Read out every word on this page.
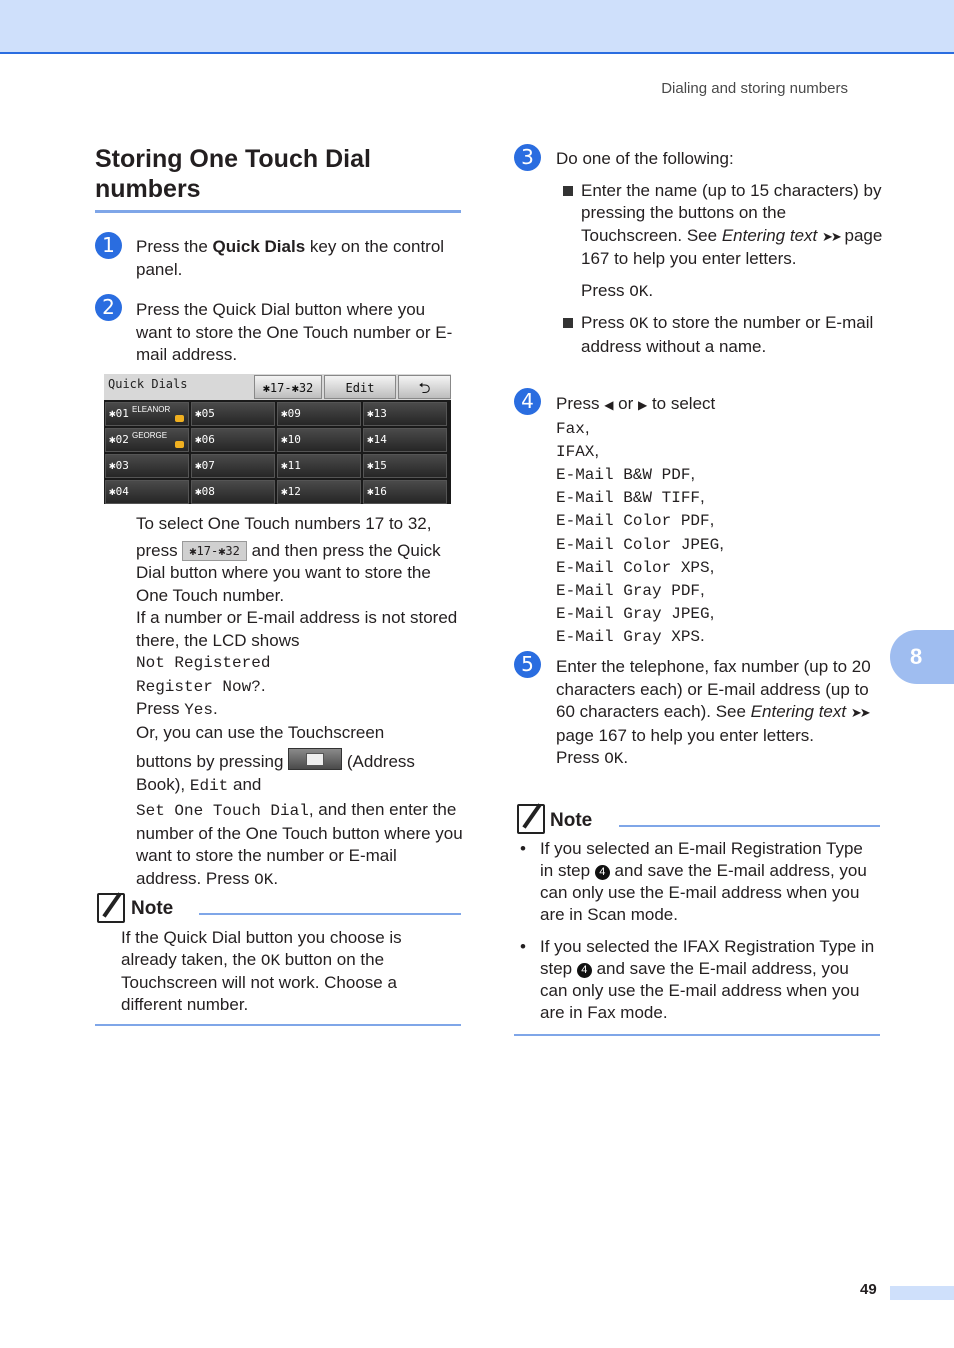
Dialing and storing numbers
Storing One Touch Dial numbers
1	Press the Quick Dials key on the control panel.
2	Press the Quick Dial button where you want to store the One Touch number or E-mail address.
Quick Dials	✱17-✱32	Edit	⮌
✱01 ELEANOR	✱05	✱09	✱13
✱02 GEORGE	✱06	✱10	✱14
✱03	✱07	✱11	✱15
✱04	✱08	✱12	✱16
To select One Touch numbers 17 to 32,
press ✱17-✱32 and then press the Quick Dial button where you want to store the One Touch number.
If a number or E-mail address is not stored there, the LCD shows
Not Registered
Register Now?.
Press Yes.
Or, you can use the Touchscreen
buttons by pressing	(Address Book), Edit and
Set One Touch Dial, and then enter the number of the One Touch button where you want to store the number or E-mail address. Press OK.
Note
If the Quick Dial button you choose is already taken, the OK button on the Touchscreen will not work. Choose a different number.
3	Do one of the following:
Enter the name (up to 15 characters) by pressing the buttons on the Touchscreen. See Entering text ➤➤ page 167 to help you enter letters.
Press OK.
Press OK to store the number or E-mail address without a name.
4	Press ◀ or ▶ to select
Fax,
IFAX,
E-Mail B&W PDF,
E-Mail B&W TIFF,
E-Mail Color PDF,
E-Mail Color JPEG,
E-Mail Color XPS,
E-Mail Gray PDF,
E-Mail Gray JPEG,
E-Mail Gray XPS.
5	Enter the telephone, fax number (up to 20 characters each) or E-mail address (up to 60 characters each). See Entering text ➤➤ page 167 to help you enter letters.
Press OK.
Note
• If you selected an E-mail Registration Type in step 4 and save the E-mail address, you can only use the E-mail address when you are in Scan mode.
• If you selected the IFAX Registration Type in step 4 and save the E-mail address, you can only use the E-mail address when you are in Fax mode.
8
49
